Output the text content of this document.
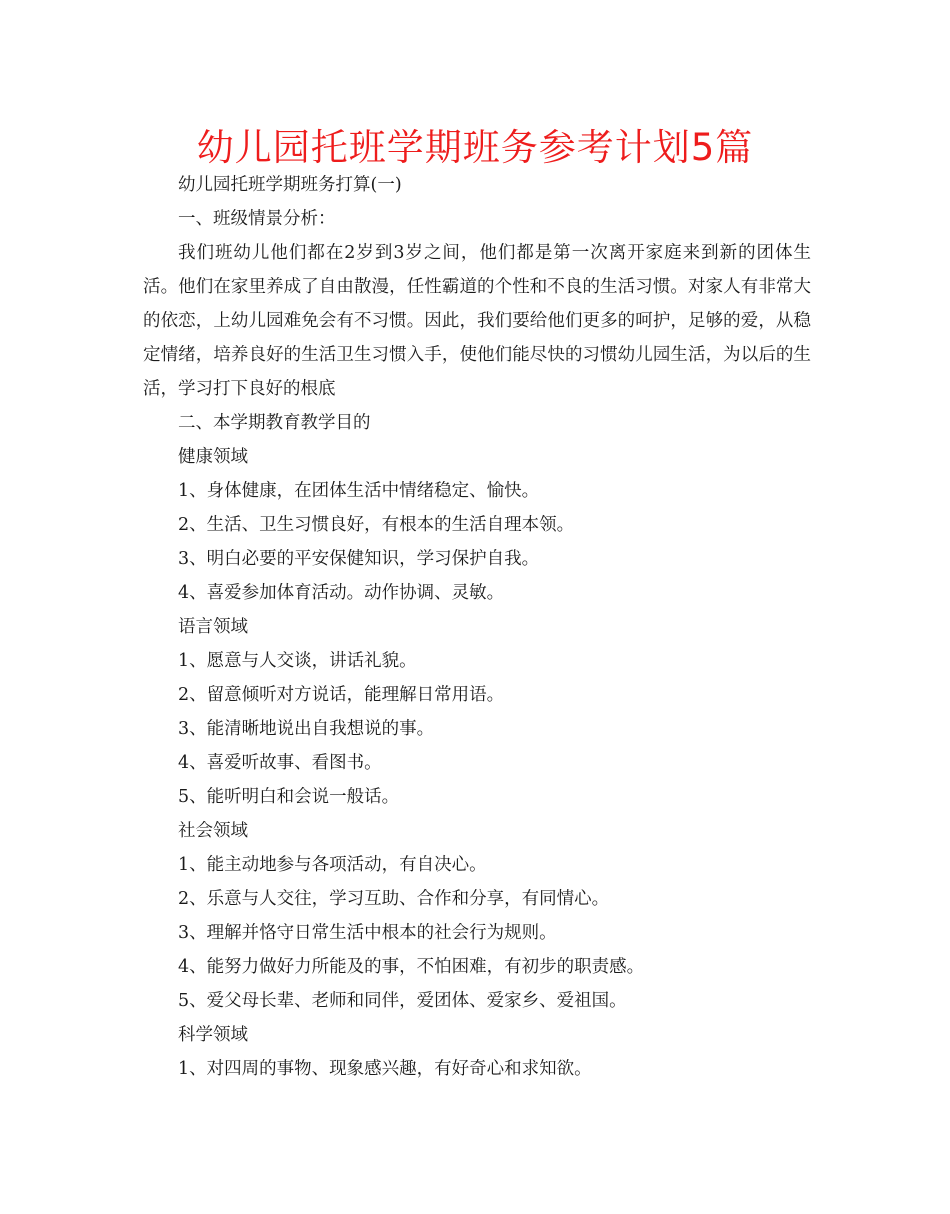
幼儿园托班学期班务参考计划5篇
幼儿园托班学期班务打算(一)
一、班级情景分析：

我们班幼儿他们都在2岁到3岁之间，他们都是第一次离开家庭来到新的团体生活。他们在家里养成了自由散漫，任性霸道的个性和不良的生活习惯。对家人有非常大的依恋，上幼儿园难免会有不习惯。因此，我们要给他们更多的呵护，足够的爱，从稳定情绪，培养良好的生活卫生习惯入手，使他们能尽快的习惯幼儿园生活，为以后的生活，学习打下良好的根底

二、本学期教育教学目的
健康领域
1、身体健康，在团体生活中情绪稳定、愉快。
2、生活、卫生习惯良好，有根本的生活自理本领。
3、明白必要的平安保健知识，学习保护自我。
4、喜爱参加体育活动。动作协调、灵敏。
语言领域
1、愿意与人交谈，讲话礼貌。
2、留意倾听对方说话，能理解日常用语。
3、能清晰地说出自我想说的事。
4、喜爱听故事、看图书。
5、能听明白和会说一般话。
社会领域
1、能主动地参与各项活动，有自决心。
2、乐意与人交往，学习互助、合作和分享，有同情心。
3、理解并恪守日常生活中根本的社会行为规则。
4、能努力做好力所能及的事，不怕困难，有初步的职责感。
5、爱父母长辈、老师和同伴，爱团体、爱家乡、爱祖国。
科学领域
1、对四周的事物、现象感兴趣，有好奇心和求知欲。
